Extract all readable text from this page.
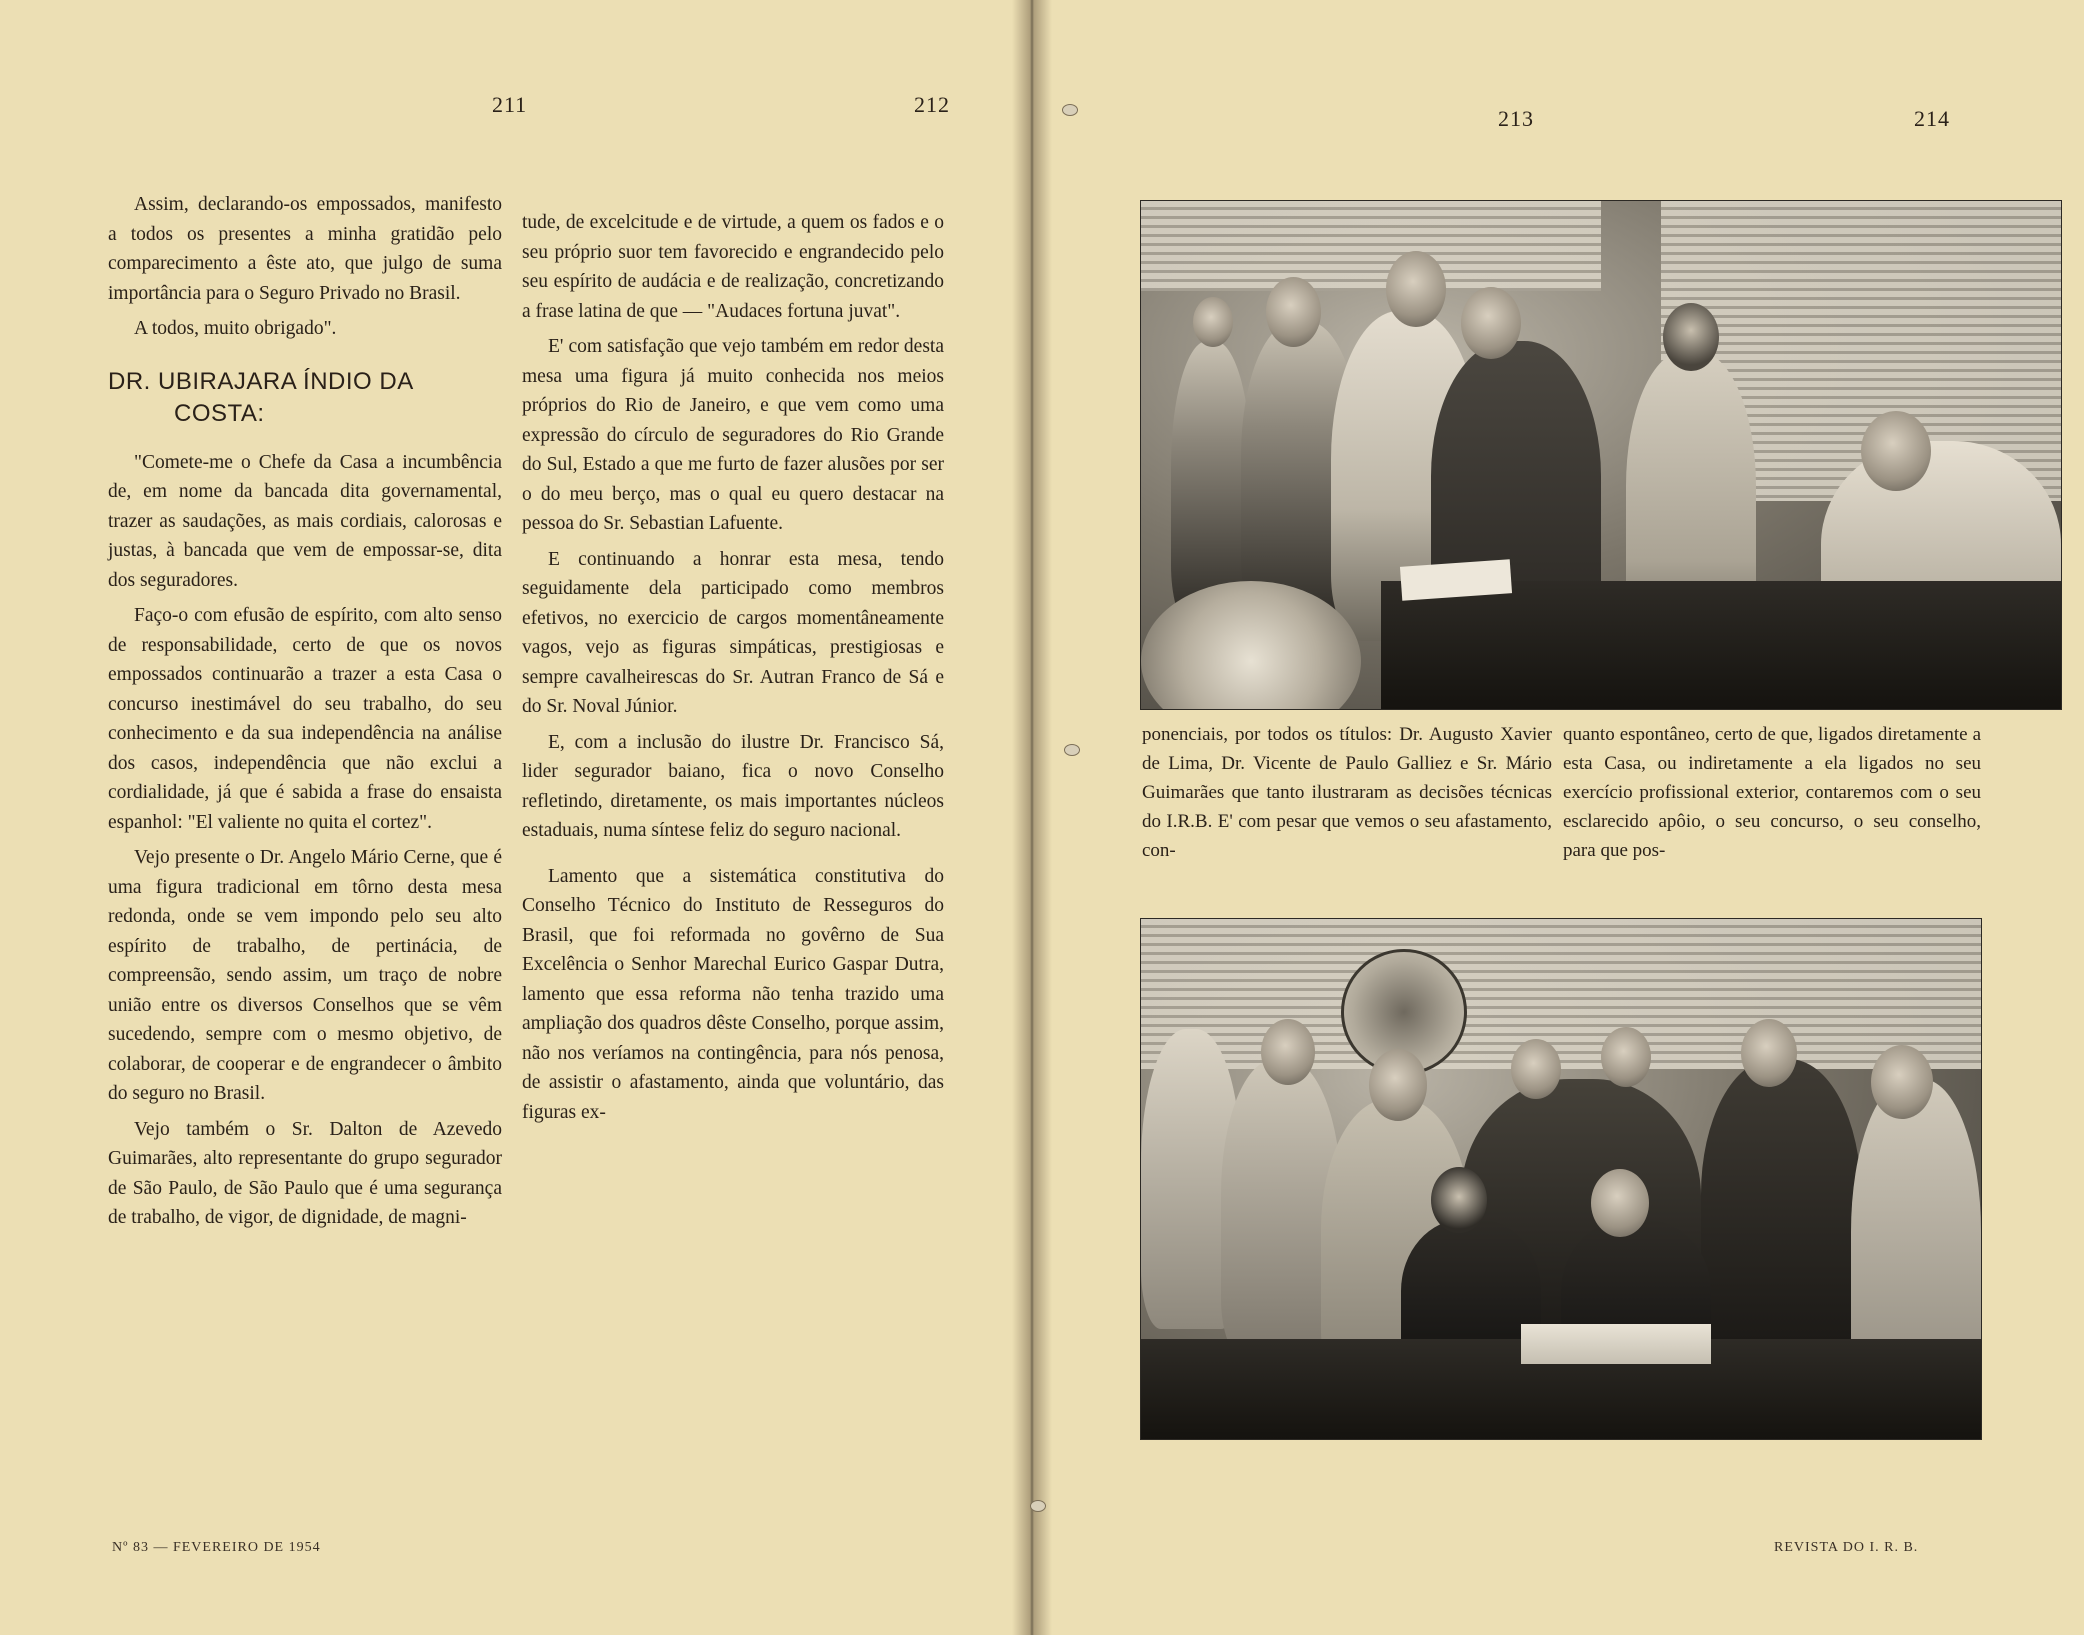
211	212

Assim, declarando-os empossados, manifesto a todos os presentes a minha gratidão pelo comparecimento a êste ato, que julgo de suma importância para o Seguro Privado no Brasil.

A todos, muito obrigado".

DR. UBIRAJARA ÍNDIO DA
COSTA:

"Comete-me o Chefe da Casa a incumbência de, em nome da bancada dita governamental, trazer as saudações, as mais cordiais, calorosas e justas, à bancada que vem de empossar-se, dita dos seguradores.

Faço-o com efusão de espírito, com alto senso de responsabilidade, certo de que os novos empossados continuarão a trazer a esta Casa o concurso inestimável do seu trabalho, do seu conhecimento e da sua independência na análise dos casos, independência que não exclui a cordialidade, já que é sabida a frase do ensaista espanhol: "El valiente no quita el cortez".

Vejo presente o Dr. Angelo Mário Cerne, que é uma figura tradicional em tôrno desta mesa redonda, onde se vem impondo pelo seu alto espírito de trabalho, de pertinácia, de compreensão, sendo assim, um traço de nobre união entre os diversos Conselhos que se vêm sucedendo, sempre com o mesmo objetivo, de colaborar, de cooperar e de engrandecer o âmbito do seguro no Brasil.

Vejo também o Sr. Dalton de Azevedo Guimarães, alto representante do grupo segurador de São Paulo, de São Paulo que é uma segurança de trabalho, de vigor, de dignidade, de magni-

tude, de excelcitude e de virtude, a quem os fados e o seu próprio suor tem favorecido e engrandecido pelo seu espírito de audácia e de realização, concretizando a frase latina de que — "Audaces fortuna juvat".

E' com satisfação que vejo também em redor desta mesa uma figura já muito conhecida nos meios próprios do Rio de Janeiro, e que vem como uma expressão do círculo de seguradores do Rio Grande do Sul, Estado a que me furto de fazer alusões por ser o do meu berço, mas o qual eu quero destacar na pessoa do Sr. Sebastian Lafuente.

E continuando a honrar esta mesa, tendo seguidamente dela participado como membros efetivos, no exercicio de cargos momentâneamente vagos, vejo as figuras simpáticas, prestigiosas e sempre cavalheirescas do Sr. Autran Franco de Sá e do Sr. Noval Júnior.

E, com a inclusão do ilustre Dr. Francisco Sá, lider segurador baiano, fica o novo Conselho refletindo, diretamente, os mais importantes núcleos estaduais, numa síntese feliz do seguro nacional.

Lamento que a sistemática constitutiva do Conselho Técnico do Instituto de Resseguros do Brasil, que foi reformada no govêrno de Sua Excelência o Senhor Marechal Eurico Gaspar Dutra, lamento que essa reforma não tenha trazido uma ampliação dos quadros dêste Conselho, porque assim, não nos veríamos na contingência, para nós penosa, de assistir o afastamento, ainda que voluntário, das figuras ex-

Nº 83 — FEVEREIRO DE 1954
213	214

ponenciais, por todos os títulos: Dr. Augusto Xavier de Lima, Dr. Vicente de Paulo Galliez e Sr. Mário Guimarães que tanto ilustraram as decisões técnicas do I.R.B. E' com pesar que vemos o seu afastamento, con-

quanto espontâneo, certo de que, ligados diretamente a esta Casa, ou indiretamente a ela ligados no seu exercício profissional exterior, contaremos com o seu esclarecido apôio, o seu concurso, o seu conselho, para que pos-

REVISTA DO I. R. B.
